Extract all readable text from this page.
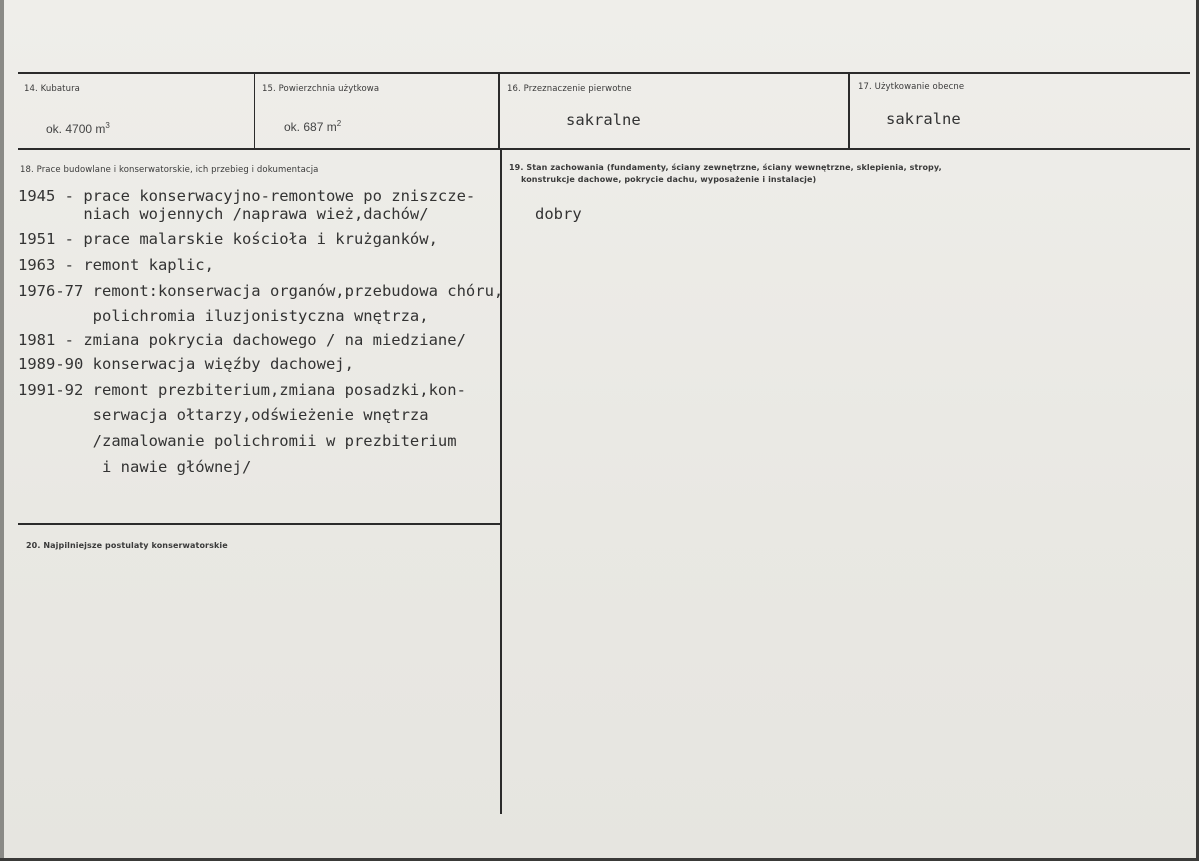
14. Kubatura
ok. 4700 $m^3$
15. Powierzchnia użytkowa
ok. 687 $m^2$
16. Przeznaczenie pierwotne
sakralne
17. Użytkowanie obecne
sakralne
18. Prace budowlane i konserwatorskie, ich przebieg i dokumentacja
1945 - prace konserwacyjno-remontowe po zniszcze-
niach wojennych /naprawa wież,dachów/
1951 - prace malarskie kościoła i krużganków,
1963 - remont kaplic,
1976-77 remont:konserwacja organów,przebudowa chóru,
polichromia iluzjonistyczna wnętrza,
1981 - zmiana pokrycia dachowego / na miedziane/
1989-90 konserwacja więźby dachowej,
1991-92 remont prezbiterium,zmiana posadzki,kon-
serwacja ołtarzy,odświeżenie wnętrza
/zamalowanie polichromii w prezbiterium
i nawie głównej/
19. Stan zachowania (fundamenty, ściany zewnętrzne, ściany wewnętrzne, sklepienia, stropy,
konstrukcje dachowe, pokrycie dachu, wyposażenie i instalacje)
dobry
20. Najpilniejsze postulaty konserwatorskie
